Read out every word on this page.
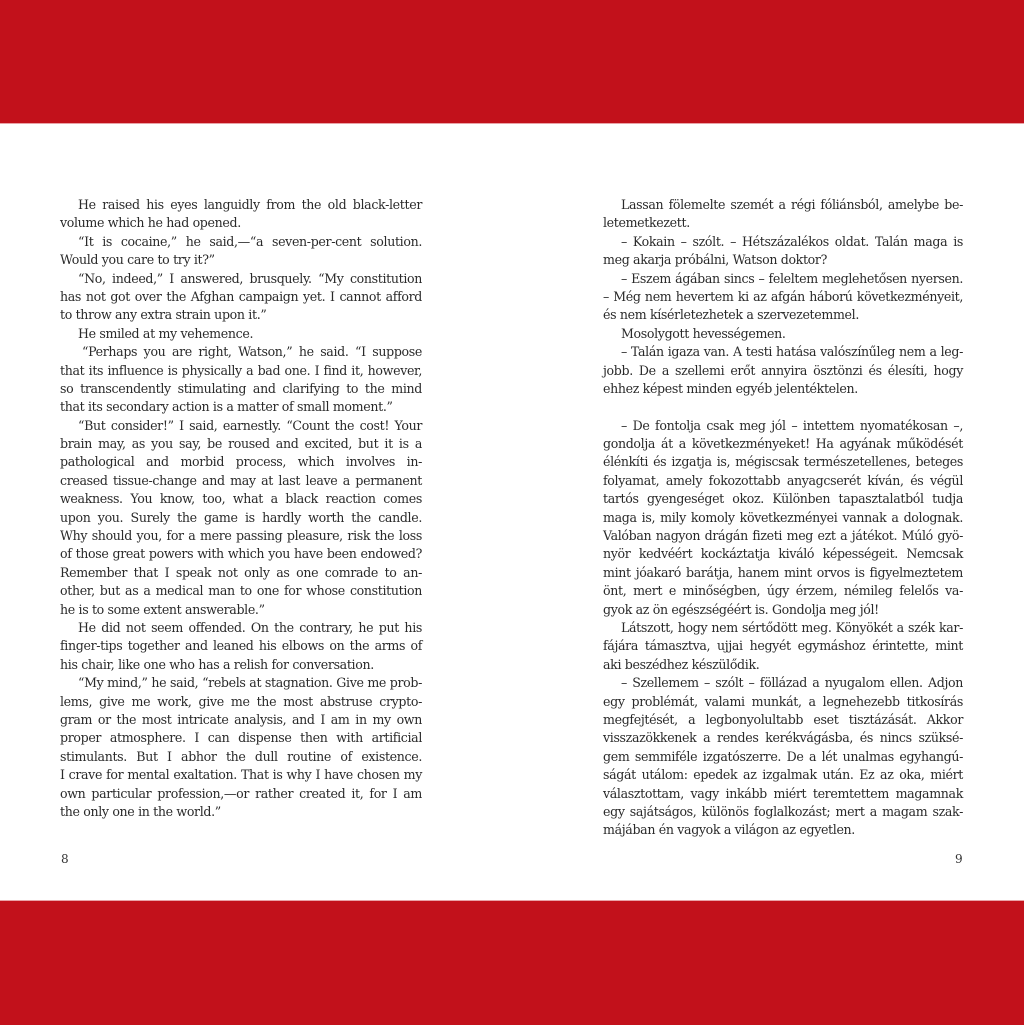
He raised his eyes languidly from the old black-letter
volume which he had opened.
“It is cocaine,” he said,—“a seven-per-cent solution.
Would you care to try it?”
“No, indeed,” I answered, brusquely. “My constitution
has not got over the Afghan campaign yet. I cannot afford
to throw any extra strain upon it.”
He smiled at my vehemence.
“Perhaps you are right, Watson,” he said. “I suppose
that its influence is physically a bad one. I find it, however,
so transcendently stimulating and clarifying to the mind
that its secondary action is a matter of small moment.”
“But consider!” I said, earnestly. “Count the cost! Your
brain may, as you say, be roused and excited, but it is a
pathological and morbid process, which involves in-
creased tissue-change and may at last leave a permanent
weakness. You know, too, what a black reaction comes
upon you. Surely the game is hardly worth the candle.
Why should you, for a mere passing pleasure, risk the loss
of those great powers with which you have been endowed?
Remember that I speak not only as one comrade to an-
other, but as a medical man to one for whose constitution
he is to some extent answerable.”
He did not seem offended. On the contrary, he put his
finger-tips together and leaned his elbows on the arms of
his chair, like one who has a relish for conversation.
“My mind,” he said, “rebels at stagnation. Give me prob-
lems, give me work, give me the most abstruse crypto-
gram or the most intricate analysis, and I am in my own
proper atmosphere. I can dispense then with artificial
stimulants. But I abhor the dull routine of existence.
I crave for mental exaltation. That is why I have chosen my
own particular profession,—or rather created it, for I am
the only one in the world.”
Lassan fölemelte szemét a régi fóliánsból, amelybe be-
letemetkezett.
– Kokain – szólt. – Hétszázalékos oldat. Talán maga is
meg akarja próbálni, Watson doktor?
– Eszem ágában sincs – feleltem meglehetősen nyersen.
– Még nem hevertem ki az afgán háború következményeit,
és nem kísérletezhetek a szervezetemmel.
Mosolygott hevességemen.
– Talán igaza van. A testi hatása valószínűleg nem a leg-
jobb. De a szellemi erőt annyira ösztönzi és élesíti, hogy
ehhez képest minden egyéb jelentéktelen.
– De fontolja csak meg jól – intettem nyomatékosan –,
gondolja át a következményeket! Ha agyának működését
élénkíti és izgatja is, mégiscsak természetellenes, beteges
folyamat, amely fokozottabb anyagcserét kíván, és végül
tartós gyengeséget okoz. Különben tapasztalatból tudja
maga is, mily komoly következményei vannak a dolognak.
Valóban nagyon drágán fizeti meg ezt a játékot. Múló gyö-
nyör kedvéért kockáztatja kiváló képességeit. Nemcsak
mint jóakaró barátja, hanem mint orvos is figyelmeztetem
önt, mert e minőségben, úgy érzem, némileg felelős va-
gyok az ön egészségéért is. Gondolja meg jól!
Látszott, hogy nem sértődött meg. Könyökét a szék kar-
fájára támasztva, ujjai hegyét egymáshoz érintette, mint
aki beszédhez készülődik.
– Szellemem – szólt – föllázad a nyugalom ellen. Adjon
egy problémát, valami munkát, a legnehezebb titkosírás
megfejtését, a legbonyolultabb eset tisztázását. Akkor
visszazökkenek a rendes kerékvágásba, és nincs szüksé-
gem semmiféle izgatószerre. De a lét unalmas egyhangú-
ságát utálom: epedek az izgalmak után. Ez az oka, miért
választottam, vagy inkább miért teremtettem magamnak
egy sajátságos, különös foglalkozást; mert a magam szak-
májában én vagyok a világon az egyetlen.
8	9
